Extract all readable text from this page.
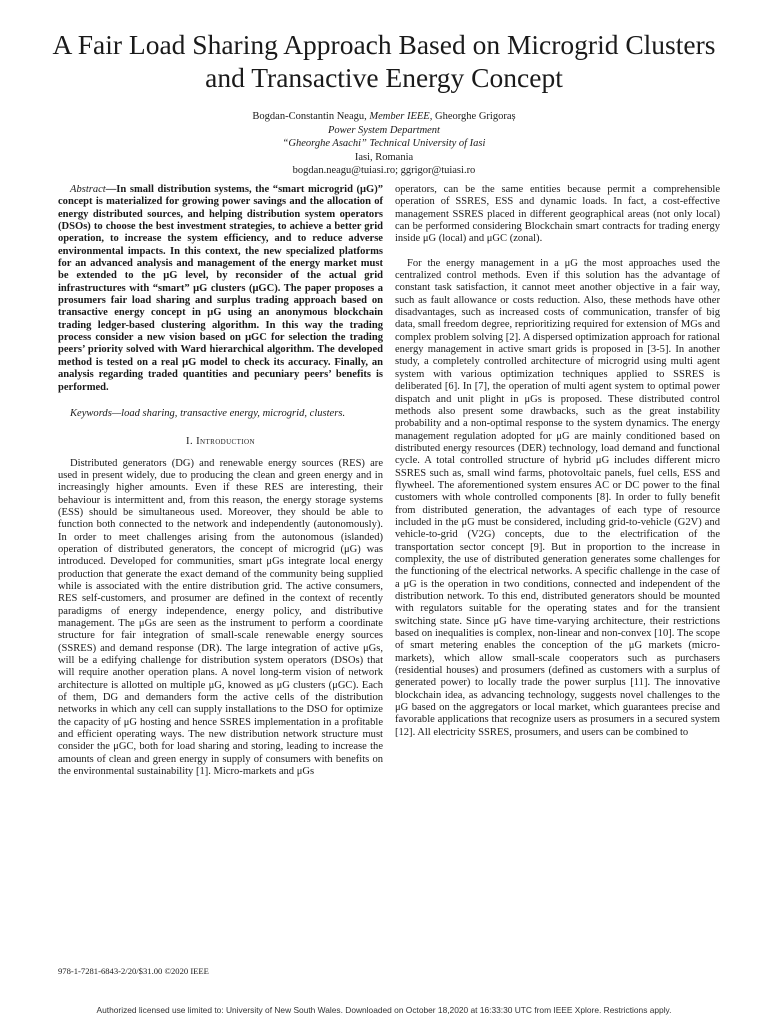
A Fair Load Sharing Approach Based on Microgrid Clusters and Transactive Energy Concept
Bogdan-Constantin Neagu, Member IEEE, Gheorghe Grigoraș
Power System Department
“Gheorghe Asachi” Technical University of Iasi
Iasi, Romania
bogdan.neagu@tuiasi.ro; ggrigor@tuiasi.ro

Abstract—In small distribution systems, the “smart microgrid (μG)” concept is materialized for growing power savings and the allocation of energy distributed sources, and helping distribution system operators (DSOs) to choose the best investment strategies, to achieve a better grid operation, to increase the system efficiency, and to reduce adverse environmental impacts. In this context, the new specialized platforms for an advanced analysis and management of the energy market must be extended to the μG level, by reconsider of the actual grid infrastructures with “smart” μG clusters (μGC). The paper proposes a prosumers fair load sharing and surplus trading approach based on transactive energy concept in μG using an anonymous blockchain trading ledger-based clustering algorithm. In this way the trading process consider a new vision based on μGC for selection the trading peers’ priority solved with Ward hierarchical algorithm. The developed method is tested on a real μG model to check its accuracy. Finally, an analysis regarding traded quantities and pecuniary peers’ benefits is performed.

Keywords—load sharing, transactive energy, microgrid, clusters.

I. Introduction

Distributed generators (DG) and renewable energy sources (RES) are used in present widely, due to producing the clean and green energy and in increasingly higher amounts. Even if these RES are interesting, their behaviour is intermittent and, from this reason, the energy storage systems (ESS) should be simultaneous used. Moreover, they should be able to function both connected to the network and independently (autonomously). In order to meet challenges arising from the autonomous (islanded) operation of distributed generators, the concept of microgrid (μG) was introduced. Developed for communities, smart μGs integrate local energy production that generate the exact demand of the community being supplied while is associated with the entire distribution grid. The active consumers, RES self-customers, and prosumer are defined in the context of recently paradigms of energy independence, energy policy, and distributive management. The μGs are seen as the instrument to perform a coordinate structure for fair integration of small-scale renewable energy sources (SSRES) and demand response (DR). The large integration of active μGs, will be a edifying challenge for distribution system operators (DSOs) that will require another operation plans. A novel long-term vision of network architecture is allotted on multiple μG, knowed as μG clusters (μGC). Each of them, DG and demanders form the active cells of the distribution networks in which any cell can supply installations to the DSO for optimize the capacity of μG hosting and hence SSRES implementation in a profitable and efficient operating ways. The new distribution network structure must consider the μGC, both for load sharing and storing, leading to increase the amounts of clean and green energy in supply of consumers with benefits on the environmental sustainability [1]. Micro-markets and μGs

operators, can be the same entities because permit a comprehensible operation of SSRES, ESS and dynamic loads. In fact, a cost-effective management SSRES placed in different geographical areas (not only local) can be performed considering Blockchain smart contracts for trading energy inside μG (local) and μGC (zonal).

For the energy management in a μG the most approaches used the centralized control methods. Even if this solution has the advantage of constant task satisfaction, it cannot meet another objective in a fair way, such as fault allowance or costs reduction. Also, these methods have other disadvantages, such as increased costs of communication, transfer of big data, small freedom degree, reprioritizing required for extension of MGs and complex problem solving [2]. A dispersed optimization approach for rational energy management in active smart grids is proposed in [3-5]. In another study, a completely controlled architecture of microgrid using multi agent system with various optimization techniques applied to SSRES is deliberated [6]. In [7], the operation of multi agent system to optimal power dispatch and unit plight in μGs is proposed. These distributed control methods also present some drawbacks, such as the great instability probability and a non-optimal response to the system dynamics. The energy management regulation adopted for μG are mainly conditioned based on distributed energy resources (DER) technology, load demand and functional cycle. A total controlled structure of hybrid μG includes different micro SSRES such as, small wind farms, photovoltaic panels, fuel cells, ESS and flywheel. The aforementioned system ensures AC or DC power to the final customers with whole controlled components [8]. In order to fully benefit from distributed generation, the advantages of each type of resource included in the μG must be considered, including grid-to-vehicle (G2V) and vehicle-to-grid (V2G) concepts, due to the electrification of the transportation sector concept [9]. But in proportion to the increase in complexity, the use of distributed generation generates some challenges for the functioning of the electrical networks. A specific challenge in the case of a μG is the operation in two conditions, connected and independent of the distribution network. To this end, distributed generators should be mounted with regulators suitable for the operating states and for the transient switching state. Since μG have time-varying architecture, their restrictions based on inequalities is complex, non-linear and non-convex [10]. The scope of smart metering enables the conception of the μG markets (micro-markets), which allow small-scale cooperators such as purchasers (residential houses) and prosumers (defined as customers with a surplus of generated power) to locally trade the power surplus [11]. The innovative blockchain idea, as advancing technology, suggests novel challenges to the μG based on the aggregators or local market, which guarantees precise and favorable applications that recognize users as prosumers in a secured system [12]. All electricity SSRES, prosumers, and users can be combined to

978-1-7281-6843-2/20/$31.00 ©2020 IEEE
Authorized licensed use limited to: University of New South Wales. Downloaded on October 18,2020 at 16:33:30 UTC from IEEE Xplore. Restrictions apply.
